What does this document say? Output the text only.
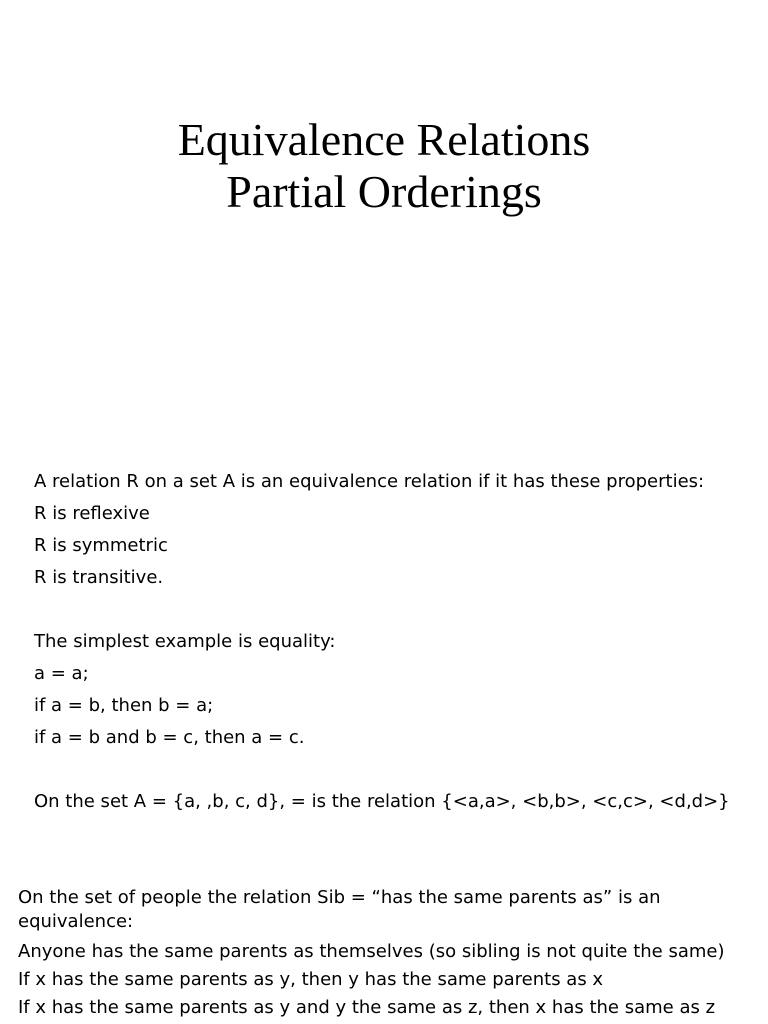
Equivalence Relations
Partial Orderings
A relation R on a set A is an equivalence relation if it has these properties:
R is reflexive
R is symmetric
R is transitive.
The simplest example is equality:
a = a;
if a = b, then b = a;
if a = b and b = c, then a = c.
On the set A = {a, ,b, c, d}, = is the relation {<a,a>, <b,b>, <c,c>, <d,d>}
On the set of people the relation Sib = “has the same parents as” is an equivalence:
Anyone has the same parents as themselves (so sibling is not quite the same)
If x has the same parents as y, then y has the same parents as x
If x has the same parents as y and y the same as z, then x has the same as z
